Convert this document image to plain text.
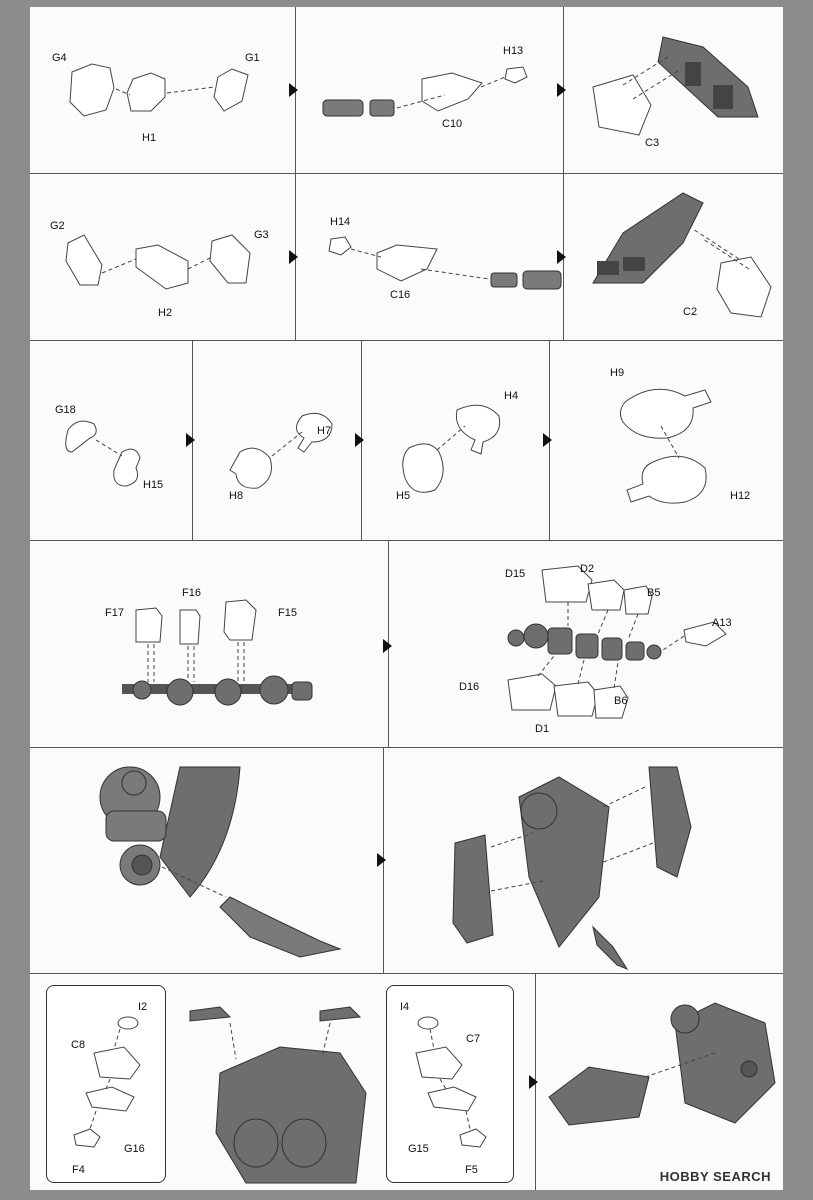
G4	G1
H1
H13
C10
C3
G2
G3
H2
H14
C16
C2
G18
H15
H7
H8
H4
H5
H9
H12
F17
F16
F15
D15	D2
B5
A13
D16
B6
D1
I2
C8
G16
F4
I4
C7
G15
F5	HOBBY SEARCH
